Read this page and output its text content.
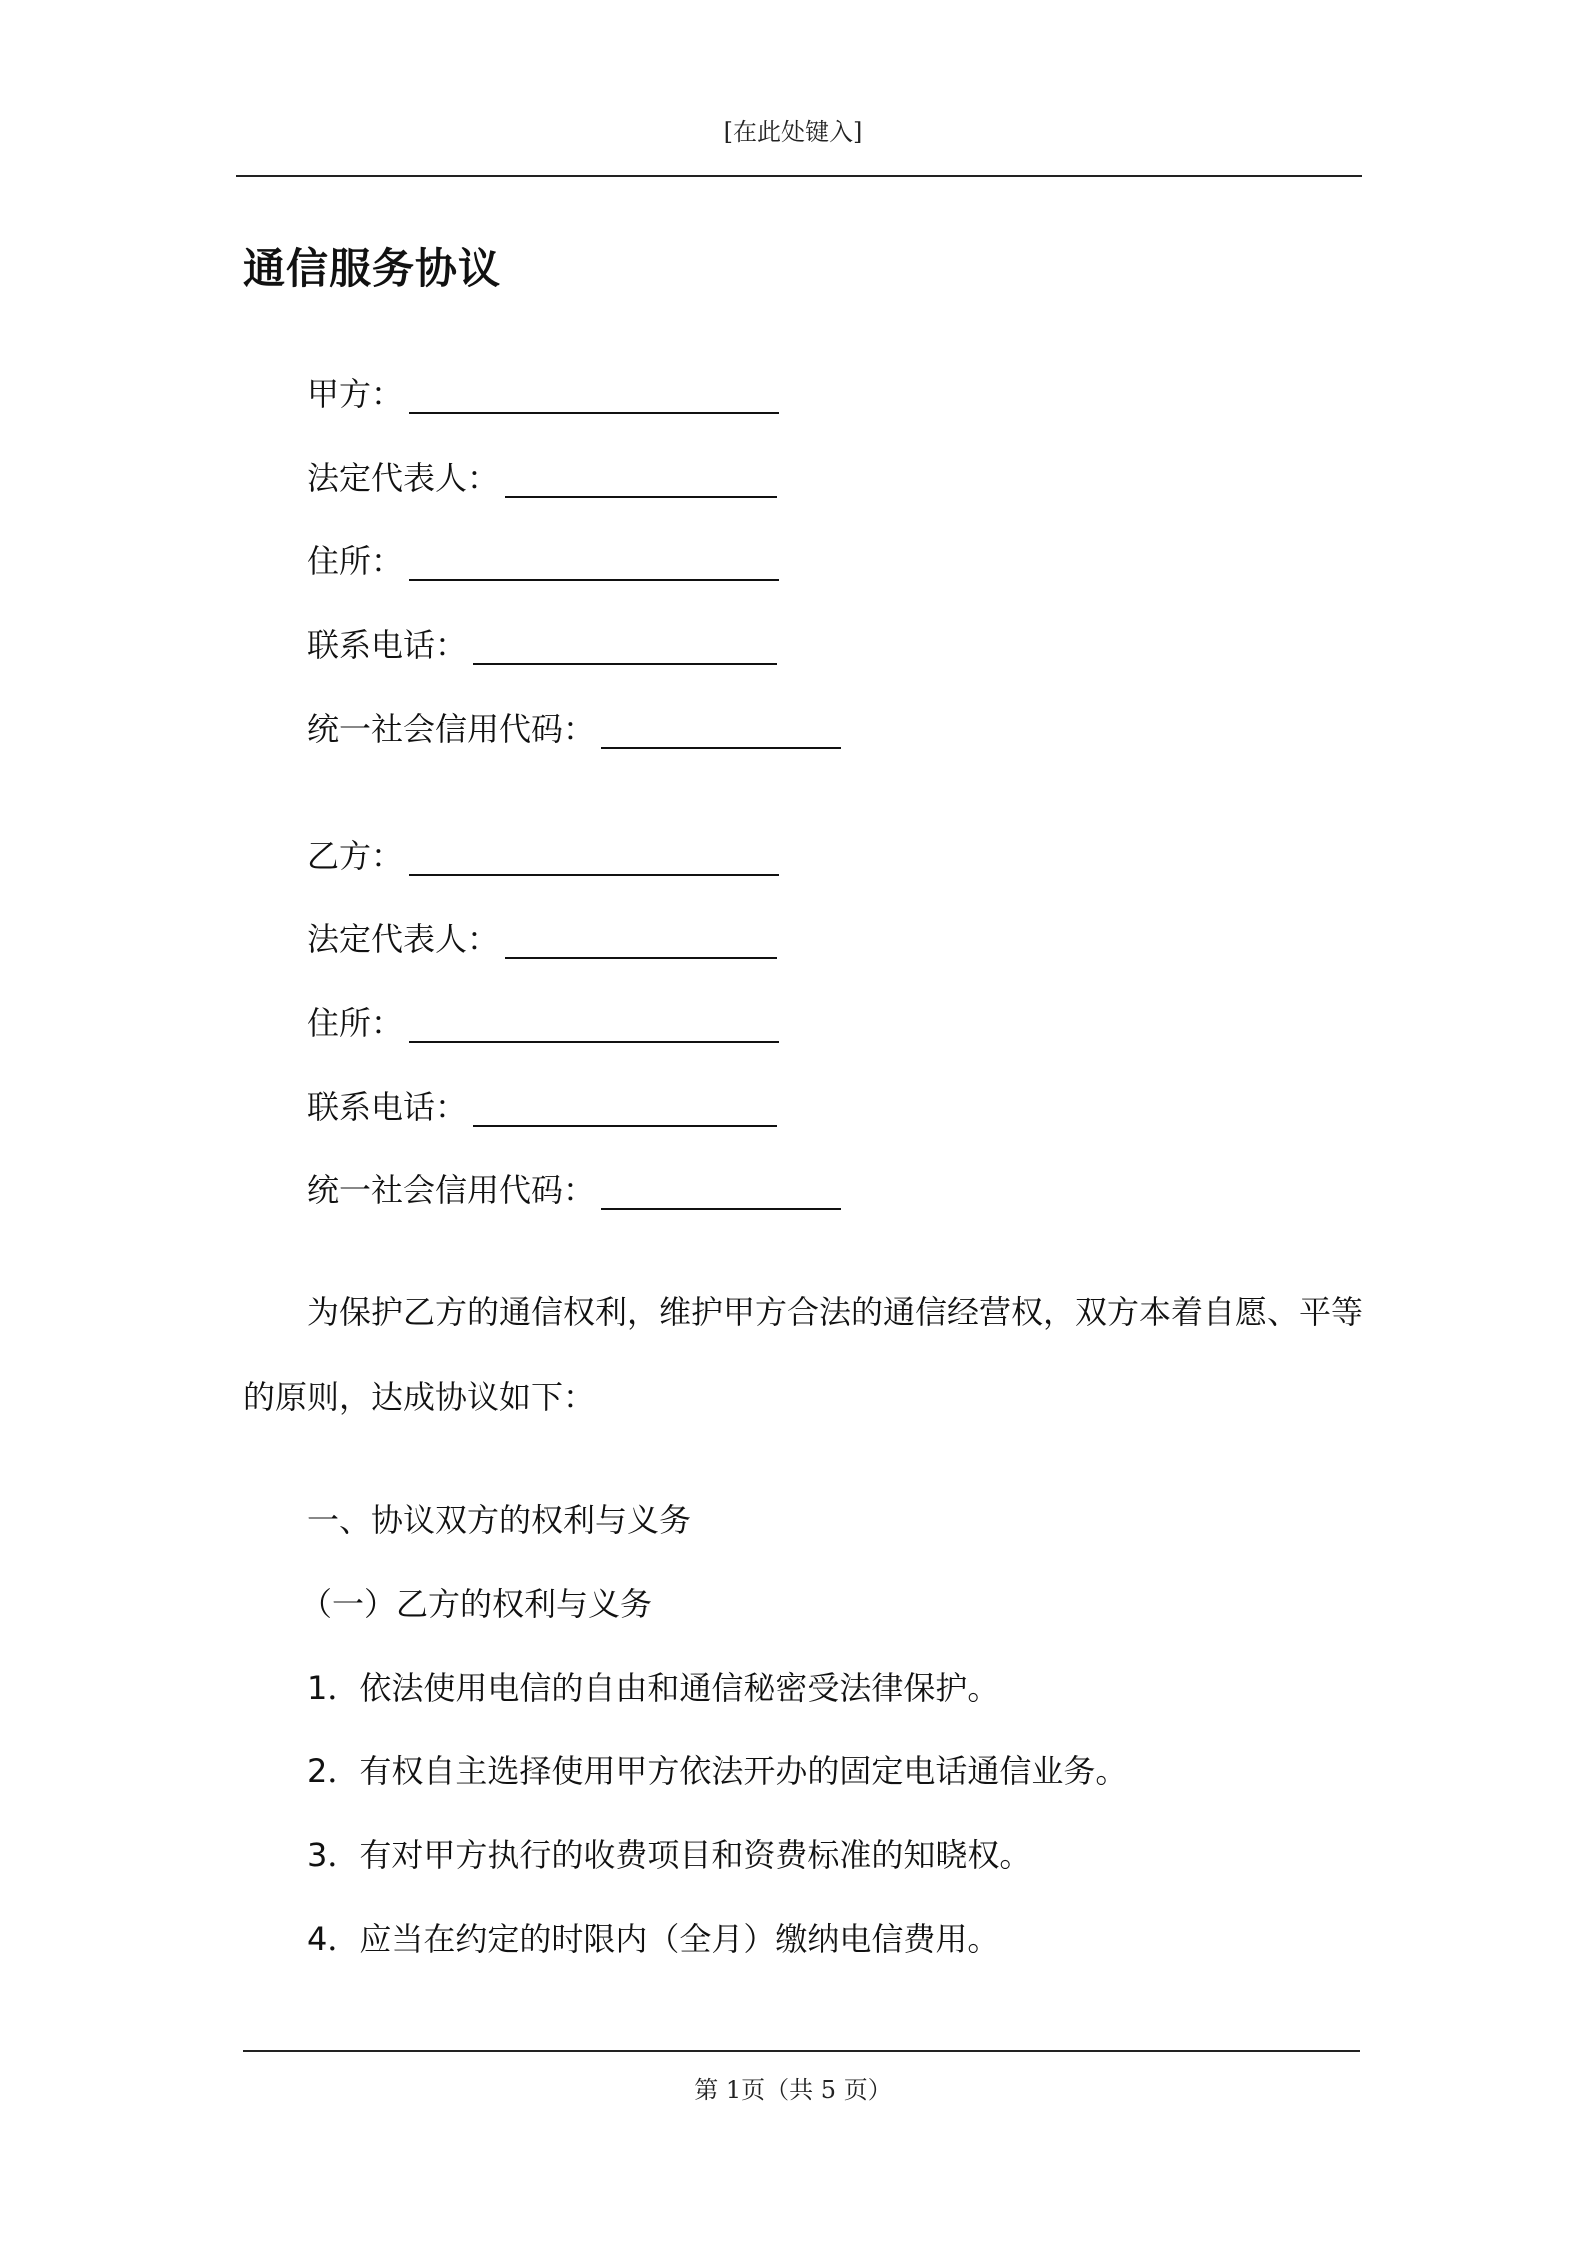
[在此处键入]
通信服务协议
甲方：
法定代表人：
住所：
联系电话：
统一社会信用代码：
乙方：
法定代表人：
住所：
联系电话：
统一社会信用代码：
为保护乙方的通信权利，维护甲方合法的通信经营权，双方本着自愿、平等
的原则，达成协议如下：
一、协议双方的权利与义务
（一）乙方的权利与义务
1．依法使用电信的自由和通信秘密受法律保护。
2．有权自主选择使用甲方依法开办的固定电话通信业务。
3．有对甲方执行的收费项目和资费标准的知晓权。
4．应当在约定的时限内（全月）缴纳电信费用。
第 1页（共 5 页）
